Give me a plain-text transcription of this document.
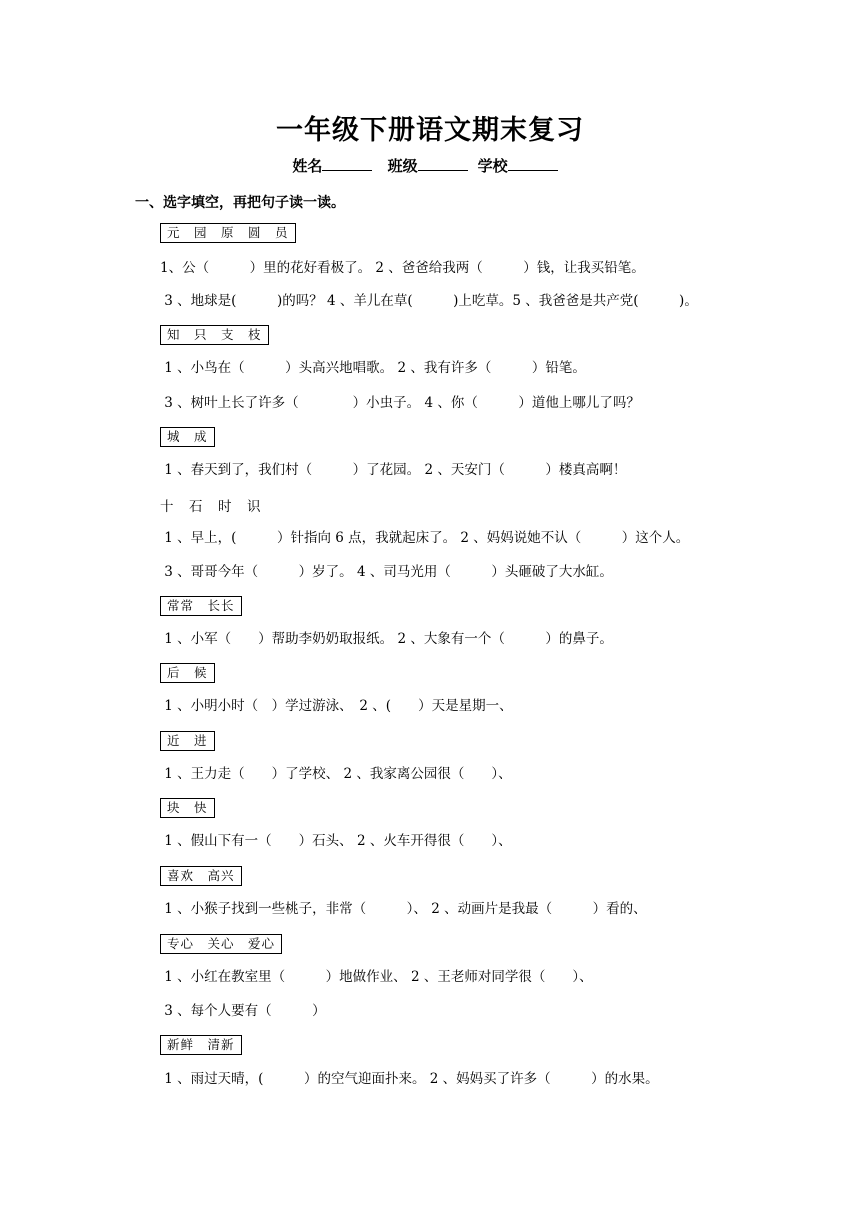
一年级下册语文期末复习
姓名	班级	学校
一、选字填空，再把句子读一读。
元　园　原　圆　员
1、公（　　　）里的花好看极了。 2 、爸爸给我两（　　　）钱，让我买铅笔。
3 、地球是(　　　)的吗？ 4 、羊儿在草(　　　)上吃草。5 、我爸爸是共产党(　　　)。
知　只　支　枝
1 、小鸟在（　　　）头高兴地唱歌。 2 、我有许多（　　　）铅笔。
3 、树叶上长了许多（　　　　）小虫子。 4 、你（　　　）道他上哪儿了吗？
城　成
1 、春天到了，我们村（　　　）了花园。 2 、天安门（　　　）楼真高啊！
十　石　时　识
1 、早上，(　　　）针指向 6 点，我就起床了。 2 、妈妈说她不认（　　　）这个人。
3 、哥哥今年（　　　）岁了。 4 、司马光用（　　　）头砸破了大水缸。
常常　长长
1 、小军（　　）帮助李奶奶取报纸。 2 、大象有一个（　　　）的鼻子。
后　候
1 、小明小时（　）学过游泳、　2 、(　　）天是星期一、
近　进
1 、王力走（　　）了学校、 2 、我家离公园很（　　）、
块　快
1 、假山下有一（　　）石头、 2 、火车开得很（　　）、
喜欢　高兴
1 、小猴子找到一些桃子，非常（　　　）、 2 、动画片是我最（　　　）看的、
专心　关心　爱心
1 、小红在教室里（　　　）地做作业、 2 、王老师对同学很（　　）、
3 、每个人要有（　　　）
新鲜　清新
1 、雨过天晴，(　　　）的空气迎面扑来。 2 、妈妈买了许多（　　　）的水果。
